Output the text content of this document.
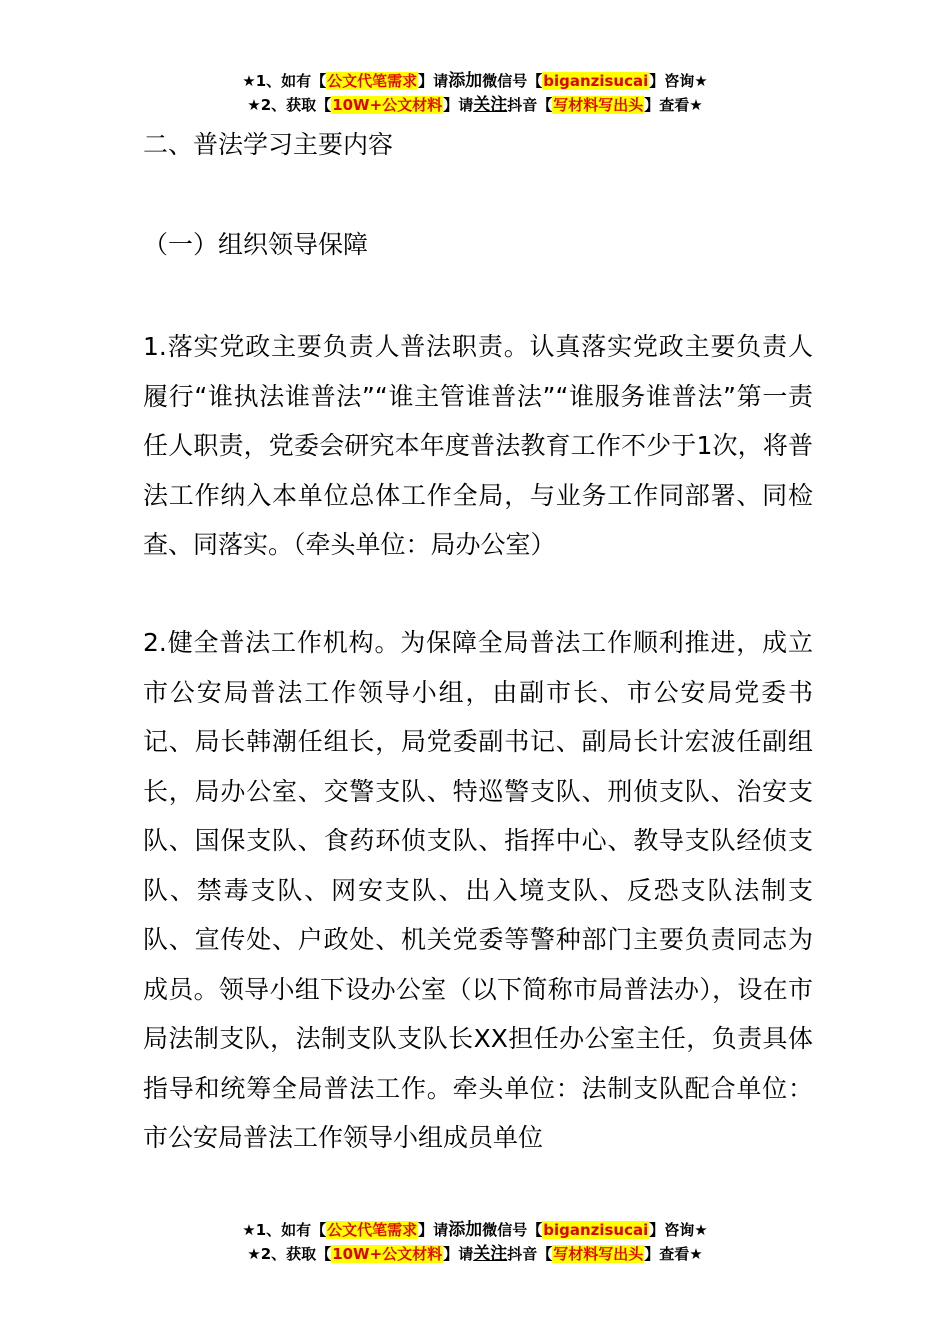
★1、如有【公文代笔需求】请添加微信号【biganzisucai】咨询★
★2、获取【10W+公文材料】请关注抖音【写材料写出头】查看★
二、普法学习主要内容
（一）组织领导保障

1.落实党政主要负责人普法职责。认真落实党政主要负责人履行“谁执法谁普法”“谁主管谁普法”“谁服务谁普法”第一责任人职责，党委会研究本年度普法教育工作不少于1次，将普法工作纳入本单位总体工作全局，与业务工作同部署、同检查、同落实。（牵头单位：局办公室）

2.健全普法工作机构。为保障全局普法工作顺利推进，成立市公安局普法工作领导小组，由副市长、市公安局党委书记、局长韩潮任组长，局党委副书记、副局长计宏波任副组长，局办公室、交警支队、特巡警支队、刑侦支队、治安支队、国保支队、食药环侦支队、指挥中心、教导支队经侦支队、禁毒支队、网安支队、出入境支队、反恐支队法制支队、宣传处、户政处、机关党委等警种部门主要负责同志为成员。领导小组下设办公室（以下简称市局普法办），设在市局法制支队，法制支队支队长XX担任办公室主任，负责具体指导和统筹全局普法工作。牵头单位：法制支队配合单位：市公安局普法工作领导小组成员单位

★1、如有【公文代笔需求】请添加微信号【biganzisucai】咨询★
★2、获取【10W+公文材料】请关注抖音【写材料写出头】查看★
